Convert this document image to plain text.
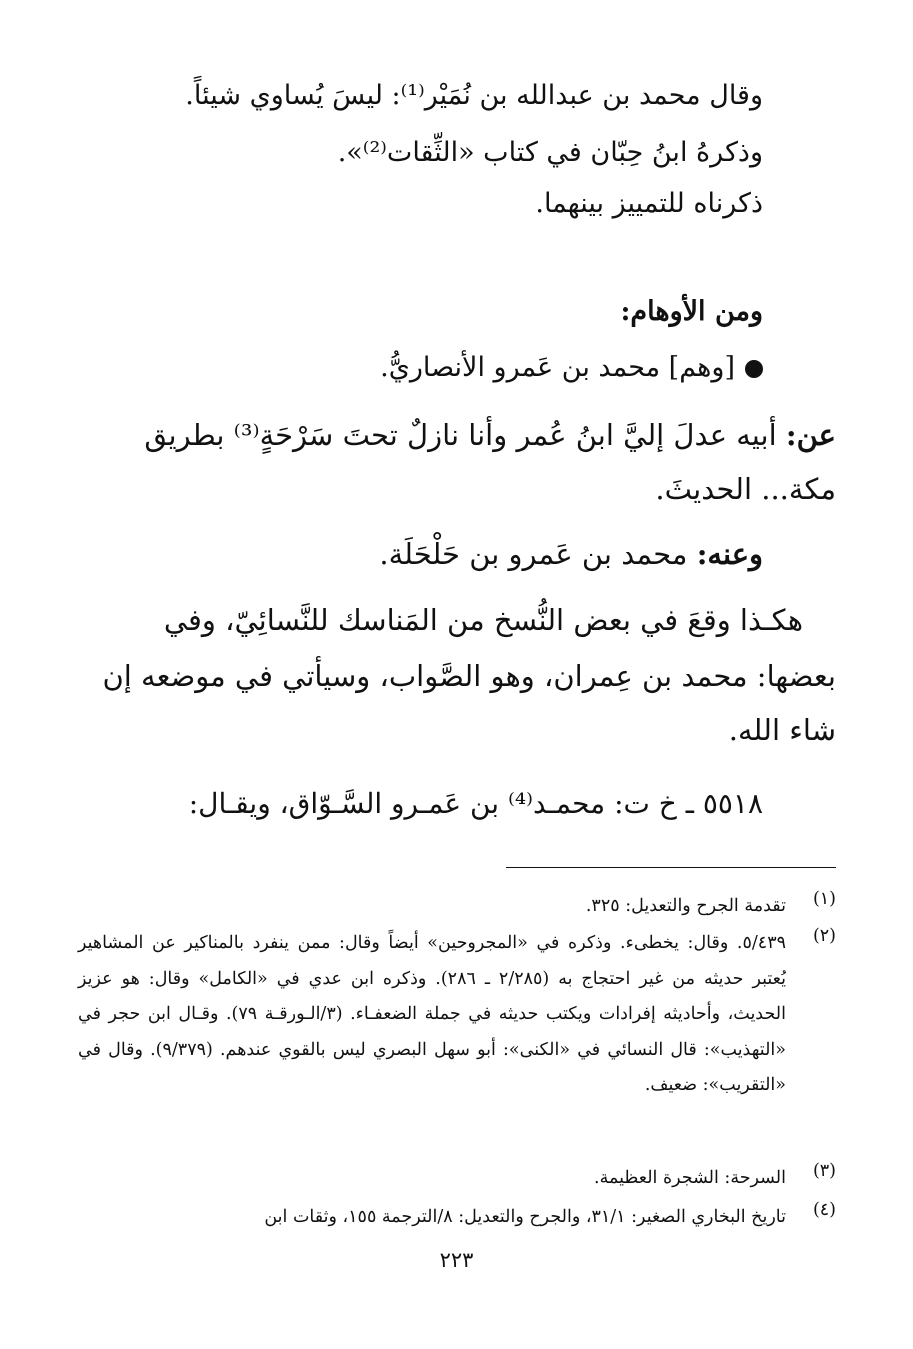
وقال محمد بن عبدالله بن نُمَيْر⁽¹⁾: ليسَ يُساوي شيئاً.
وذكرهُ ابنُ حِبّان في كتاب «الثِّقات⁽²⁾».
ذكرناه للتمييز بينهما.
ومن الأوهام:
[وهم] محمد بن عَمرو الأنصاريُّ.
عن: أبيه عدلَ إليَّ ابنُ عُمر وأنا نازلٌ تحتَ سَرْحَةٍ⁽³⁾ بطريق
مكة... الحديثَ.
وعنه: محمد بن عَمرو بن حَلْحَلَة.
هكـذا وقعَ في بعض النُّسخ من المَناسك للنَّسائِيّ، وفي
بعضها: محمد بن عِمران، وهو الصَّواب، وسيأتي في موضعه إن
شاء الله.
٥٥١٨ ـ خ ت: محمـد⁽⁴⁾ بن عَمـرو السَّـوّاق، ويقـال:
(١)
تقدمة الجرح والتعديل: ٣٢٥.
(٢)
٥/٤٣٩. وقال: يخطىء. وذكره في «المجروحين» أيضاً وقال: ممن ينفرد بالمناكير عن المشاهير يُعتبر حديثه من غير احتجاج به (٢/٢٨٥ ـ ٢٨٦). وذكره ابن عدي في «الكامل» وقال: هو عزيز الحديث، وأحاديثه إفرادات ويكتب حديثه في جملة الضعفـاء. (٣/الـورقـة ٧٩). وقـال ابن حجر في «التهذيب»: قال النسائي في «الكنى»: أبو سهل البصري ليس بالقوي عندهم. (٩/٣٧٩). وقال في «التقريب»: ضعيف.
(٣)
السرحة: الشجرة العظيمة.
(٤)
تاريخ البخاري الصغير: ٣١/١، والجرح والتعديل: ٨/الترجمة ١٥٥، وثقات ابن
٢٢٣
